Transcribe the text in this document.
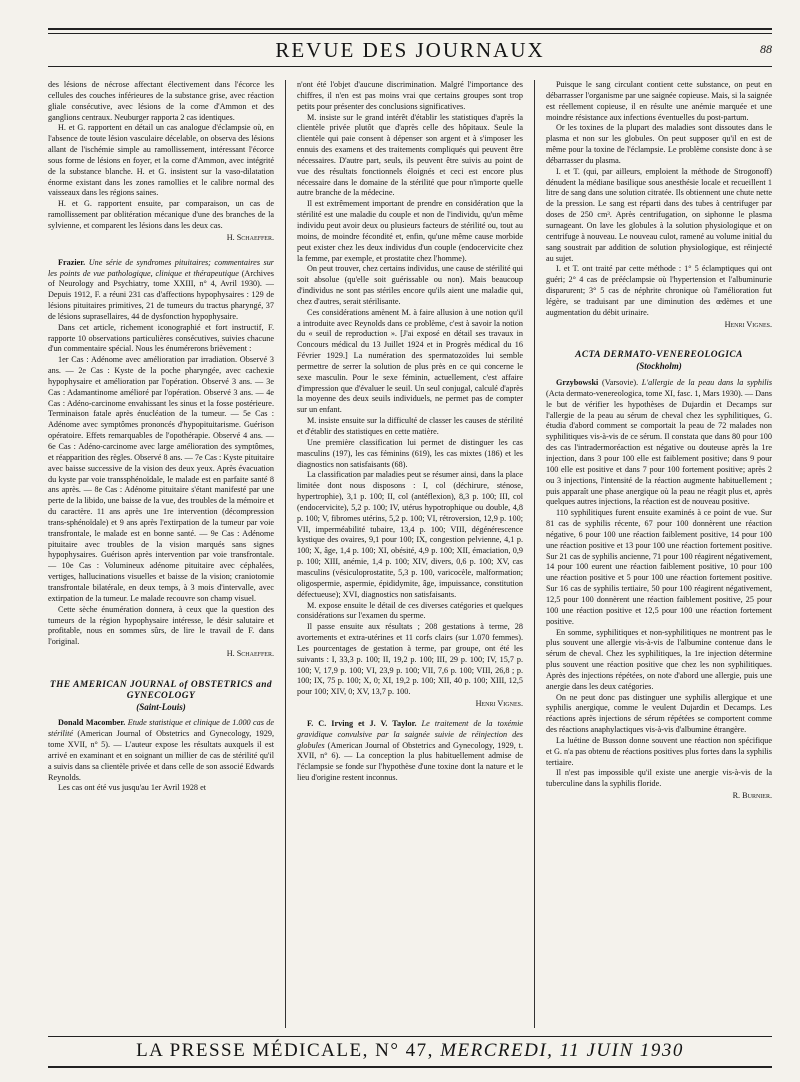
REVUE DES JOURNAUX	88

des lésions de nécrose affectant électivement dans l'écorce les cellules des couches inférieures de la substance grise, avec réaction gliale consécutive, avec lésions de la corne d'Ammon et des ganglions centraux. Neuburger rapporta 2 cas identiques.

H. et G. rapportent en détail un cas analogue d'éclampsie où, en l'absence de toute lésion vasculaire décelable, on observa des lésions allant de l'ischémie simple au ramollissement, intéressant l'écorce sous forme de lésions en foyer, et la corne d'Ammon, avec intégrité de la substance blanche. H. et G. insistent sur la vaso-dilatation énorme existant dans les zones ramollies et le calibre normal des vaisseaux dans les régions saines.

H. et G. rapportent ensuite, par comparaison, un cas de ramollissement par oblitération mécanique d'une des branches de la sylvienne, et comparent les lésions dans les deux cas.

H. Schaeffer.

Frazier. Une série de syndromes pituitaires; commentaires sur les points de vue pathologique, clinique et thérapeutique (Archives of Neurology and Psychiatry, tome XXIII, n° 4, Avril 1930). — Depuis 1912, F. a réuni 231 cas d'affections hypophysaires : 129 de lésions pituitaires primitives, 21 de tumeurs du tractus pharyngé, 37 de lésions suprasellaires, 44 de dysfonction hypophysaire.

Dans cet article, richement iconographié et fort instructif, F. rapporte 10 observations particulières consécutives, suivies chacune d'un commentaire spécial. Nous les énumérerons brièvement :

1er Cas : Adénome avec amélioration par irradiation. Observé 3 ans. — 2e Cas : Kyste de la poche pharyngée, avec cachexie hypophysaire et amélioration par l'opération. Observé 3 ans. — 3e Cas : Adamantinome amélioré par l'opération. Observé 3 ans. — 4e Cas : Adéno-carcinome envahissant les sinus et la fosse postérieure. Terminaison fatale après énucléation de la tumeur. — 5e Cas : Adénome avec symptômes prononcés d'hypopituitarisme. Guérison opératoire. Effets remarquables de l'opothérapie. Observé 4 ans. — 6e Cas : Adéno-carcinome avec large amélioration des symptômes, et réapparition des règles. Observé 8 ans. — 7e Cas : Kyste pituitaire avec baisse successive de la vision des deux yeux. Après évacuation du kyste par voie transsphénoïdale, le malade est en parfaite santé 8 ans après. — 8e Cas : Adénome pituitaire s'étant manifesté par une perte de la libido, une baisse de la vue, des troubles de la mémoire et du caractère. 11 ans après une 1re intervention (décompression trans-sphénoïdale) et 9 ans après l'extirpation de la tumeur par voie transfrontale, le malade est en bonne santé. — 9e Cas : Adénome pituitaire avec troubles de la vision marqués sans signes hypophysaires. Guérison après intervention par voie transfrontale. — 10e Cas : Volumineux adénome pituitaire avec céphalées, vertiges, hallucinations visuelles et baisse de la vision; craniotomie transfrontale bilatérale, en deux temps, à 3 mois d'intervalle, avec extirpation de la tumeur. Le malade recouvre son champ visuel.

Cette sèche énumération donnera, à ceux que la question des tumeurs de la région hypophysaire intéresse, le désir salutaire et profitable, nous en sommes sûrs, de lire le travail de F. dans l'original.

H. Schaeffer.

THE AMERICAN JOURNAL of OBSTETRICS and GYNECOLOGY

(Saint-Louis)

Donald Macomber. Etude statistique et clinique de 1.000 cas de stérilité (American Journal of Obstetrics and Gynecology, 1929, tome XVII, n° 5). — L'auteur expose les résultats auxquels il est arrivé en examinant et en soignant un millier de cas de stérilité qu'il a suivis dans sa clientèle privée et dans celle de son associé Edwards Reynolds.

Les cas ont été vus jusqu'au 1er Avril 1928 et

n'ont été l'objet d'aucune discrimination. Malgré l'importance des chiffres, il n'en est pas moins vrai que certains groupes sont trop petits pour présenter des conclusions significatives.

M. insiste sur le grand intérêt d'établir les statistiques d'après la clientèle privée plutôt que d'après celle des hôpitaux. Seule la clientèle qui paie consent à dépenser son argent et à s'imposer les ennuis des examens et des traitements compliqués qui peuvent être nécessaires. D'autre part, seuls, ils peuvent être suivis au point de vue des résultats fonctionnels éloignés et ceci est encore plus nécessaire dans le domaine de la stérilité que pour n'importe quelle autre branche de la médecine.

Il est extrêmement important de prendre en considération que la stérilité est une maladie du couple et non de l'individu, qu'un même individu peut avoir deux ou plusieurs facteurs de stérilité ou, tout au moins, de moindre fécondité et, enfin, qu'une même cause morbide peut exister chez les deux individus d'un couple (endocervicite chez la femme, par exemple, et prostatite chez l'homme).

On peut trouver, chez certains individus, une cause de stérilité qui soit absolue (qu'elle soit guérissable ou non). Mais beaucoup d'individus ne sont pas stériles encore qu'ils aient une maladie qui, chez d'autres, serait stérilisante.

Ces considérations amènent M. à faire allusion à une notion qu'il a introduite avec Reynolds dans ce problème, c'est à savoir la notion du « seuil de reproduction ». [J'ai exposé en détail ses travaux in Concours médical du 13 Juillet 1924 et in Progrès médical du 16 Février 1929.] La numération des spermatozoïdes lui semble permettre de serrer la solution de plus près en ce qui concerne le sexe masculin. Pour le sexe féminin, actuellement, c'est affaire d'impression que d'évaluer le seuil. Un seul conjugal, calculé d'après la moyenne des deux seuils individuels, ne permet pas de compter sur un enfant.

M. insiste ensuite sur la difficulté de classer les causes de stérilité et d'établir des statistiques en cette matière.

Une première classification lui permet de distinguer les cas masculins (197), les cas féminins (619), les cas mixtes (186) et les diagnostics non satisfaisants (68).

La classification par maladies peut se résumer ainsi, dans la place limitée dont nous disposons : I, col (déchirure, sténose, hypertrophie), 3,1 p. 100; II, col (antéflexion), 8,3 p. 100; III, col (endocervicite), 5,2 p. 100; IV, utérus hypotrophique ou double, 4,8 p. 100; V, fibromes utérins, 5,2 p. 100; VI, rétroversion, 12,9 p. 100; VII, imperméabilité tubaire, 13,4 p. 100; VIII, dégénérescence kystique des ovaires, 9,1 pour 100; IX, congestion pelvienne, 4,1 p. 100; X, âge, 1,4 p. 100; XI, obésité, 4,9 p. 100; XII, émaciation, 0,9 p. 100; XIII, anémie, 1,4 p. 100; XIV, divers, 0,6 p. 100; XV, cas masculins (vésiculoprostatite, 5,3 p. 100, varicocèle, malformation; oligospermie, aspermie, épididymite, âge, impuissance, constitution défectueuse); XVI, diagnostics non satisfaisants.

M. expose ensuite le détail de ces diverses catégories et quelques considérations sur l'examen du sperme.

Il passe ensuite aux résultats ; 208 gestations à terme, 28 avortements et extra-utérines et 11 corfs clairs (sur 1.070 femmes). Les pourcentages de gestation à terme, par groupe, ont été les suivants : I, 33,3 p. 100; II, 19,2 p. 100; III, 29 p. 100; IV, 15,7 p. 100; V, 17,9 p. 100; VI, 23,9 p. 100; VII, 7,6 p. 100; VIII, 26,8 ; p. 100; IX, 75 p. 100; X, 0; XI, 19,2 p. 100; XII, 40 p. 100; XIII, 12,5 pour 100; XIV, 0; XV, 13,7 p. 100.

Henri Vignes.

F. C. Irving et J. V. Taylor. Le traitement de la toxémie gravidique convulsive par la saignée suivie de réinjection des globules (American Journal of Obstetrics and Gynecology, 1929, t. XVII, n° 6). — La conception la plus habituellement admise de l'éclampsie se fonde sur l'hypothèse d'une toxine dont la nature et le lieu d'origine restent inconnus.

Puisque le sang circulant contient cette substance, on peut en débarrasser l'organisme par une saignée copieuse. Mais, si la saignée est réellement copieuse, il en résulte une anémie marquée et une moindre résistance aux infections éventuelles du post-partum.

Or les toxines de la plupart des maladies sont dissoutes dans le plasma et non sur les globules. On peut supposer qu'il en est de même pour la toxine de l'éclampsie. Le problème consiste donc à se débarrasser du plasma.

I. et T. (qui, par ailleurs, emploient la méthode de Strogonoff) dénudent la médiane basilique sous anesthésie locale et recueillent 1 litre de sang dans une solution citratée. Ils obtiennent une chute nette de la pression. Le sang est réparti dans des tubes à centrifuger par doses de 250 cm³. Après centrifugation, on siphonne le plasma surnageant. On lave les globules à la solution physiologique et on centrifuge à nouveau. Le nouveau culot, ramené au volume initial du sang soustrait par addition de solution physiologique, est réinjecté au sujet.

I. et T. ont traité par cette méthode : 1° 5 éclamptiques qui ont guéri; 2° 4 cas de prééclampsie où l'hypertension et l'albuminurie disparurent; 3° 5 cas de néphrite chronique où l'amélioration fut légère, se traduisant par une diminution des œdèmes et une augmentation du débit urinaire.

Henri Vignes.

ACTA DERMATO-VENEREOLOGICA

(Stockholm)

Grzybowski (Varsovie). L'allergie de la peau dans la syphilis (Acta dermato-venereologica, tome XI, fasc. 1, Mars 1930). — Dans le but de vérifier les hypothèses de Dujardin et Decamps sur l'allergie de la peau au sérum de cheval chez les syphilitiques, G. étudia d'abord comment se comportait la peau de 72 malades non syphilitiques vis-à-vis de ce sérum. Il constata que dans 80 pour 100 des cas l'intradermoréaction est négative ou douteuse après la 1re injection, dans 3 pour 100 elle est faiblement positive; dans 9 pour 100 elle est positive et dans 7 pour 100 fortement positive; après 2 ou 3 injections, l'intensité de la réaction augmente habituellement ; puis apparaît une phase anergique où la peau ne réagit plus et, après quelques autres injections, la réaction est de nouveau positive.

110 syphilitiques furent ensuite examinés à ce point de vue. Sur 81 cas de syphilis récente, 67 pour 100 donnèrent une réaction négative, 6 pour 100 une réaction faiblement positive, 14 pour 100 une réaction positive et 13 pour 100 une réaction fortement positive. Sur 21 cas de syphilis ancienne, 71 pour 100 réagirent négativement, 14 pour 100 eurent une réaction faiblement positive, 10 pour 100 une réaction positive et 5 pour 100 une réaction fortement positive. Sur 16 cas de syphilis tertiaire, 50 pour 100 réagirent négativement, 12,5 pour 100 donnèrent une réaction faiblement positive, 25 pour 100 une réaction positive et 12,5 pour 100 une réaction fortement positive.

En somme, syphilitiques et non-syphilitiques ne montrent pas le plus souvent une allergie vis-à-vis de l'albumine contenue dans le sérum de cheval. Chez les syphilitiques, la 1re injection détermine plus souvent une réaction positive que chez les non syphilitiques. Après des injections répétées, on note d'abord une allergie, puis une anergie dans les deux catégories.

On ne peut donc pas distinguer une syphilis allergique et une syphilis anergique, comme le veulent Dujardin et Decamps. Les réactions après injections de sérum répétées se comportent comme des réactions anaphylactiques vis-à-vis d'albumine étrangère.

La luétine de Busson donne souvent une réaction non spécifique et G. n'a pas obtenu de réactions positives plus fortes dans la syphilis tertiaire.

Il n'est pas impossible qu'il existe une anergie vis-à-vis de la tuberculine dans la syphilis floride.

R. Burnier.

LA PRESSE MÉDICALE, N° 47, MERCREDI, 11 JUIN 1930
